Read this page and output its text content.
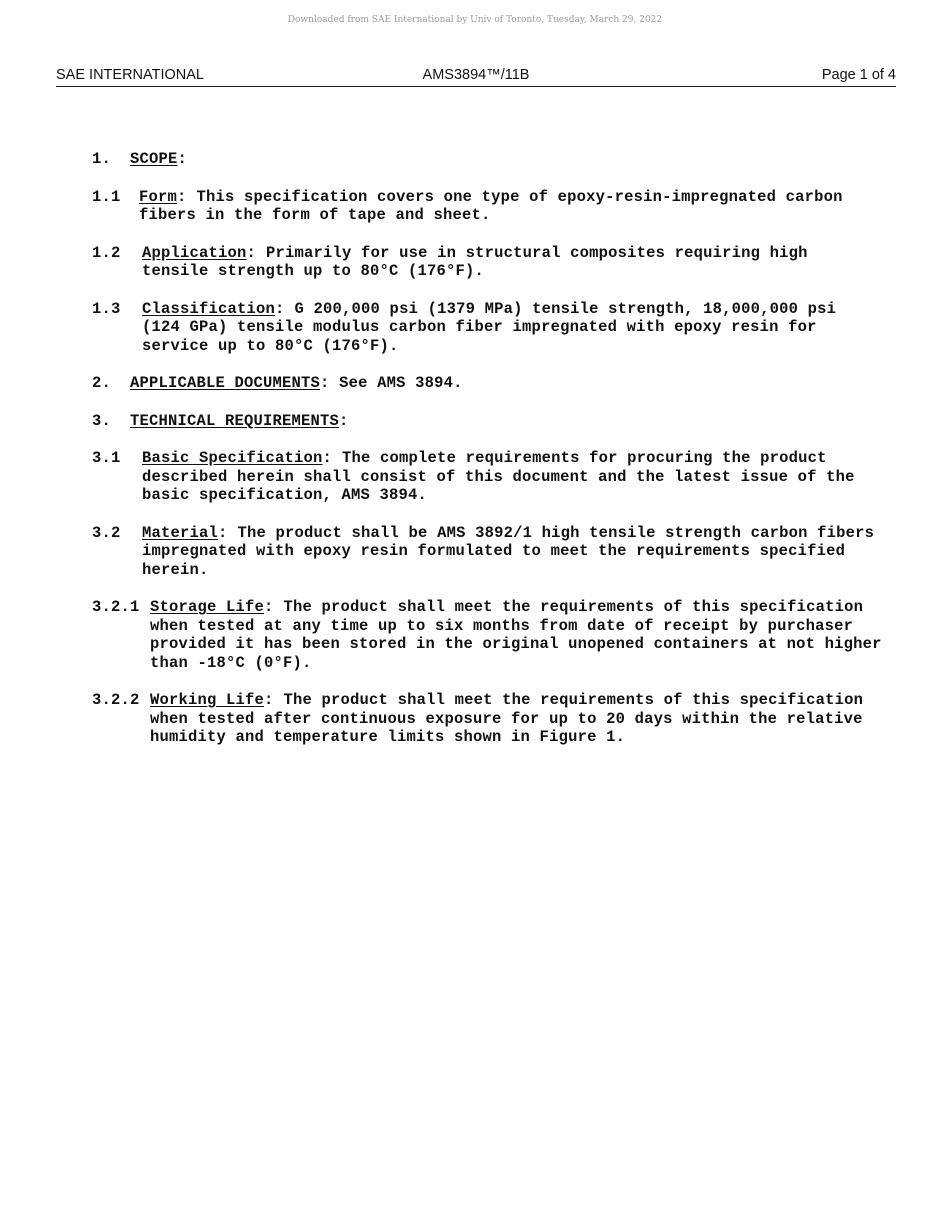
Downloaded from SAE International by Univ of Toronto, Tuesday, March 29, 2022
SAE INTERNATIONAL	AMS3894™/11B	Page 1 of 4
1.	SCOPE:
1.1	Form: This specification covers one type of epoxy-resin-impregnated carbon fibers in the form of tape and sheet.
1.2	Application: Primarily for use in structural composites requiring high tensile strength up to 80°C (176°F).
1.3	Classification: G 200,000 psi (1379 MPa) tensile strength, 18,000,000 psi (124 GPa) tensile modulus carbon fiber impregnated with epoxy resin for service up to 80°C (176°F).
2.	APPLICABLE DOCUMENTS: See AMS 3894.
3.	TECHNICAL REQUIREMENTS:
3.1	Basic Specification: The complete requirements for procuring the product described herein shall consist of this document and the latest issue of the basic specification, AMS 3894.
3.2	Material: The product shall be AMS 3892/1 high tensile strength carbon fibers impregnated with epoxy resin formulated to meet the requirements specified herein.
3.2.1 Storage Life: The product shall meet the requirements of this specification when tested at any time up to six months from date of receipt by purchaser provided it has been stored in the original unopened containers at not higher than -18°C (0°F).
3.2.2 Working Life: The product shall meet the requirements of this specification when tested after continuous exposure for up to 20 days within the relative humidity and temperature limits shown in Figure 1.
